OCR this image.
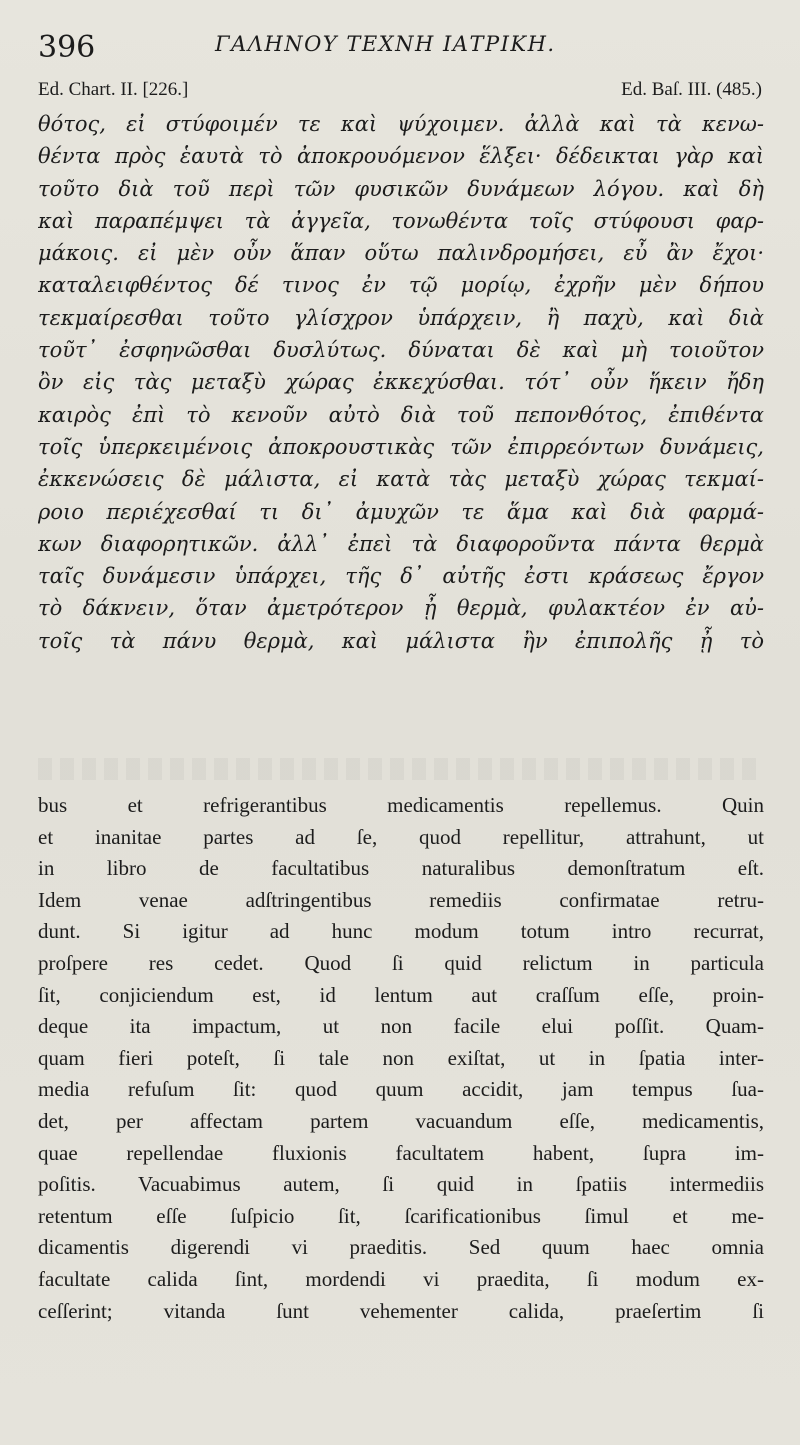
396	ΓΑΛΗΝΟΥ ΤΕΧΝΗ ΙΑΤΡΙΚΗ.
Ed. Chart. II. [226.]	Ed. Baſ. III. (485.)
θότος, εἰ στύφοιμέν τε καὶ ψύχοιμεν. ἀλλὰ καὶ τὰ κενω-
θέντα πρὸς ἑαυτὰ τὸ ἀποκρουόμενον ἕλξει· δέδεικται γὰρ καὶ
τοῦτο διὰ τοῦ περὶ τῶν φυσικῶν δυνάμεων λόγου. καὶ δὴ
καὶ παραπέμψει τὰ ἀγγεῖα, τονωθέντα τοῖς στύφουσι φαρ-
μάκοις. εἰ μὲν οὖν ἅπαν οὕτω παλινδρομήσει, εὖ ἂν ἔχοι·
καταλειφθέντος δέ τινος ἐν τῷ μορίῳ, ἐχρῆν μὲν δήπου
τεκμαίρεσθαι τοῦτο γλίσχρον ὑπάρχειν, ἢ παχὺ, καὶ διὰ
τοῦτ᾽ ἐσφηνῶσθαι δυσλύτως. δύναται δὲ καὶ μὴ τοιοῦτον
ὂν εἰς τὰς μεταξὺ χώρας ἐκκεχύσθαι. τότ᾽ οὖν ἥκειν ἤδη
καιρὸς ἐπὶ τὸ κενοῦν αὐτὸ διὰ τοῦ πεπονθότος, ἐπιθέντα
τοῖς ὑπερκειμένοις ἀποκρουστικὰς τῶν ἐπιρρεόντων δυνάμεις,
ἐκκενώσεις δὲ μάλιστα, εἰ κατὰ τὰς μεταξὺ χώρας τεκμαί-
ροιο περιέχεσθαί τι δι᾽ ἀμυχῶν τε ἅμα καὶ διὰ φαρμά-
κων διαφορητικῶν. ἀλλ᾽ ἐπεὶ τὰ διαφοροῦντα πάντα θερμὰ
ταῖς δυνάμεσιν ὑπάρχει, τῆς δ᾽ αὐτῆς ἐστι κράσεως ἔργον
τὸ δάκνειν, ὅταν ἀμετρότερον ᾖ θερμὰ, φυλακτέον ἐν αὐ-
τοῖς τὰ πάνυ θερμὰ, καὶ μάλιστα ἢν ἐπιπολῆς ᾖ τὸ
bus et refrigerantibus medicamentis repellemus. Quin
et inanitae partes ad ſe, quod repellitur, attrahunt, ut
in libro de facultatibus naturalibus demonſtratum eſt.
Idem venae adſtringentibus remediis confirmatae retru-
dunt. Si igitur ad hunc modum totum intro recurrat,
proſpere res cedet. Quod ſi quid relictum in particula
ſit, conjiciendum est, id lentum aut craſſum eſſe, proin-
deque ita impactum, ut non facile elui poſſit. Quam-
quam fieri poteſt, ſi tale non exiſtat, ut in ſpatia inter-
media refuſum ſit: quod quum accidit, jam tempus ſua-
det, per affectam partem vacuandum eſſe, medicamentis,
quae repellendae fluxionis facultatem habent, ſupra im-
poſitis. Vacuabimus autem, ſi quid in ſpatiis intermediis
retentum eſſe ſuſpicio ſit, ſcarificationibus ſimul et me-
dicamentis digerendi vi praeditis. Sed quum haec omnia
facultate calida ſint, mordendi vi praedita, ſi modum ex-
ceſſerint; vitanda ſunt vehementer calida, praeſertim ſi
